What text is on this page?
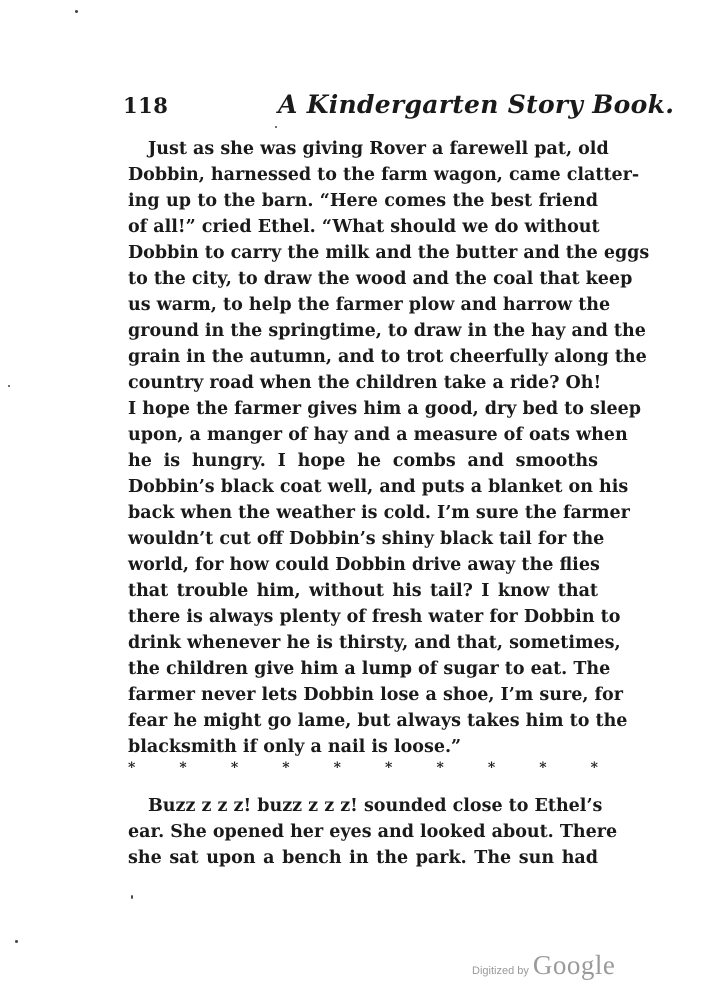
118	A Kindergarten Story Book.
Just as she was giving Rover a farewell pat, old
Dobbin, harnessed to the farm wagon, came clatter-
ing up to the barn. “Here comes the best friend
of all!” cried Ethel. “What should we do without
Dobbin to carry the milk and the butter and the eggs
to the city, to draw the wood and the coal that keep
us warm, to help the farmer plow and harrow the
ground in the springtime, to draw in the hay and the
grain in the autumn, and to trot cheerfully along the
country road when the children take a ride? Oh!
I hope the farmer gives him a good, dry bed to sleep
upon, a manger of hay and a measure of oats when
he is hungry. I hope he combs and smooths
Dobbin’s black coat well, and puts a blanket on his
back when the weather is cold. I’m sure the farmer
wouldn’t cut off Dobbin’s shiny black tail for the
world, for how could Dobbin drive away the flies
that trouble him, without his tail? I know that
there is always plenty of fresh water for Dobbin to
drink whenever he is thirsty, and that, sometimes,
the children give him a lump of sugar to eat. The
farmer never lets Dobbin lose a shoe, I’m sure, for
fear he might go lame, but always takes him to the
blacksmith if only a nail is loose.”
*	*	*	*	*	*	*	*	*	*
Buzz z z z! buzz z z z! sounded close to Ethel’s
ear. She opened her eyes and looked about. There
she sat upon a bench in the park. The sun had
Digitized by Google
